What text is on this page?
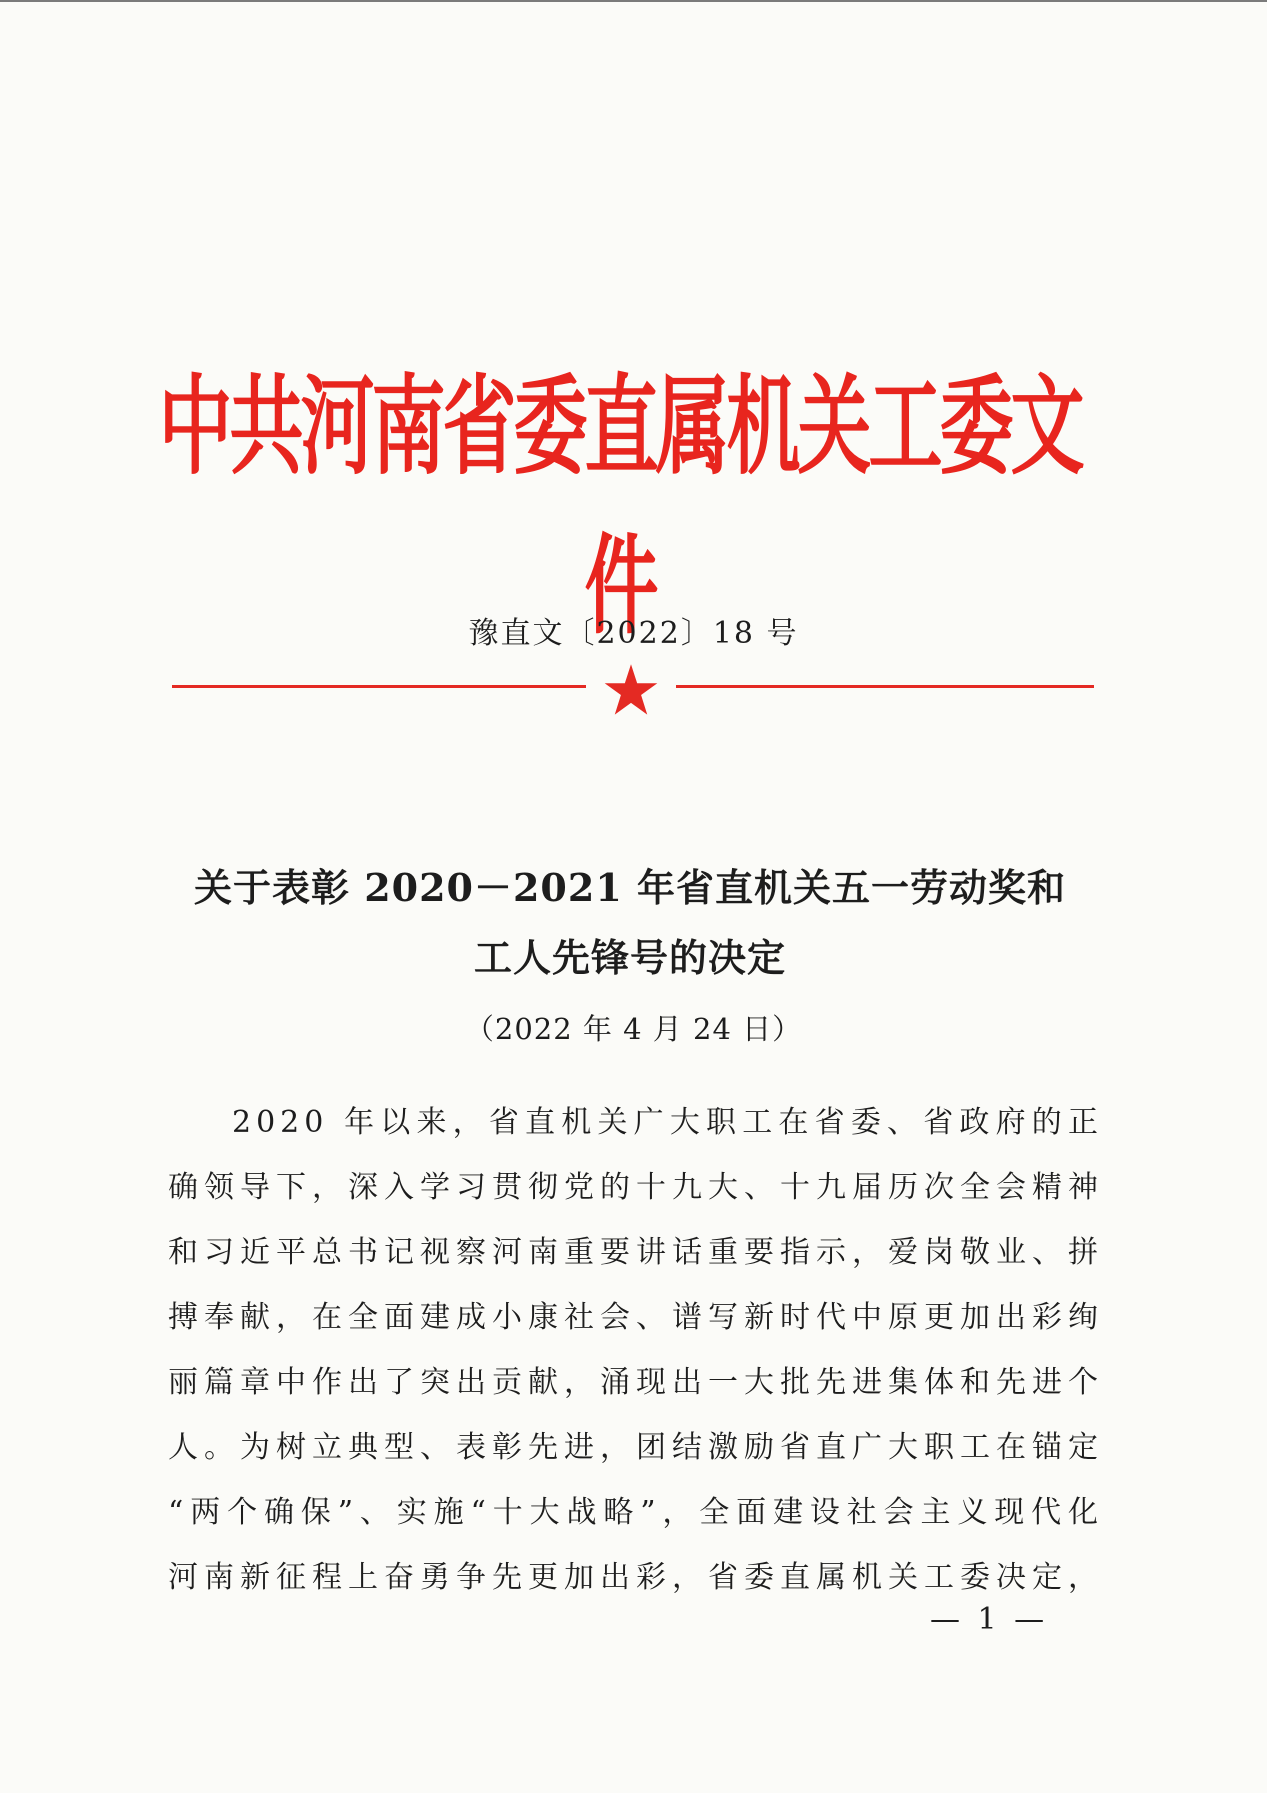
中共河南省委直属机关工委文件
豫直文〔2022〕18 号
关于表彰 2020－2021 年省直机关五一劳动奖和
工人先锋号的决定
（2022 年 4 月 24 日）
2020 年以来，省直机关广大职工在省委、省政府的正
确领导下，深入学习贯彻党的十九大、十九届历次全会精神
和习近平总书记视察河南重要讲话重要指示，爱岗敬业、拼
搏奉献，在全面建成小康社会、谱写新时代中原更加出彩绚
丽篇章中作出了突出贡献，涌现出一大批先进集体和先进个
人。为树立典型、表彰先进，团结激励省直广大职工在锚定
“两个确保”、实施“十大战略”，全面建设社会主义现代化
河南新征程上奋勇争先更加出彩，省委直属机关工委决定，
— 1 —
